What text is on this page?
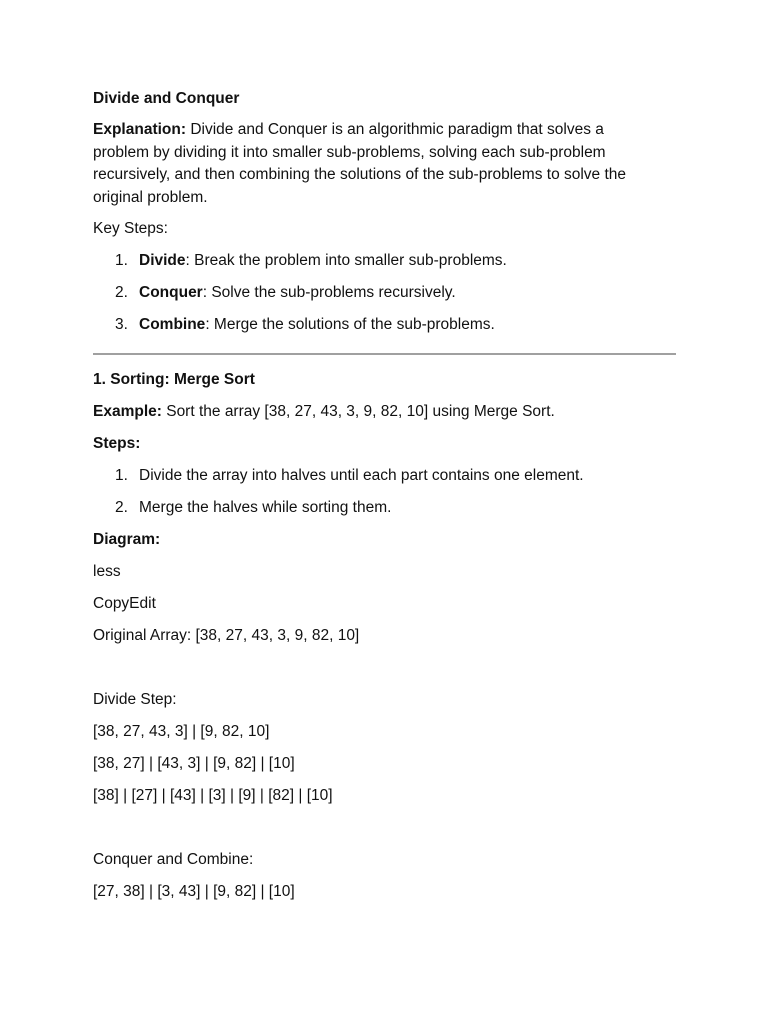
Divide and Conquer
Explanation: Divide and Conquer is an algorithmic paradigm that solves a
problem by dividing it into smaller sub-problems, solving each sub-problem
recursively, and then combining the solutions of the sub-problems to solve the
original problem.
Key Steps:
1. Divide: Break the problem into smaller sub-problems.
2. Conquer: Solve the sub-problems recursively.
3. Combine: Merge the solutions of the sub-problems.
1. Sorting: Merge Sort
Example: Sort the array [38, 27, 43, 3, 9, 82, 10] using Merge Sort.
Steps:
1. Divide the array into halves until each part contains one element.
2. Merge the halves while sorting them.
Diagram:
less
CopyEdit
Original Array: [38, 27, 43, 3, 9, 82, 10]
Divide Step:
[38, 27, 43, 3] | [9, 82, 10]
[38, 27] | [43, 3] | [9, 82] | [10]
[38] | [27] | [43] | [3] | [9] | [82] | [10]
Conquer and Combine:
[27, 38] | [3, 43] | [9, 82] | [10]
